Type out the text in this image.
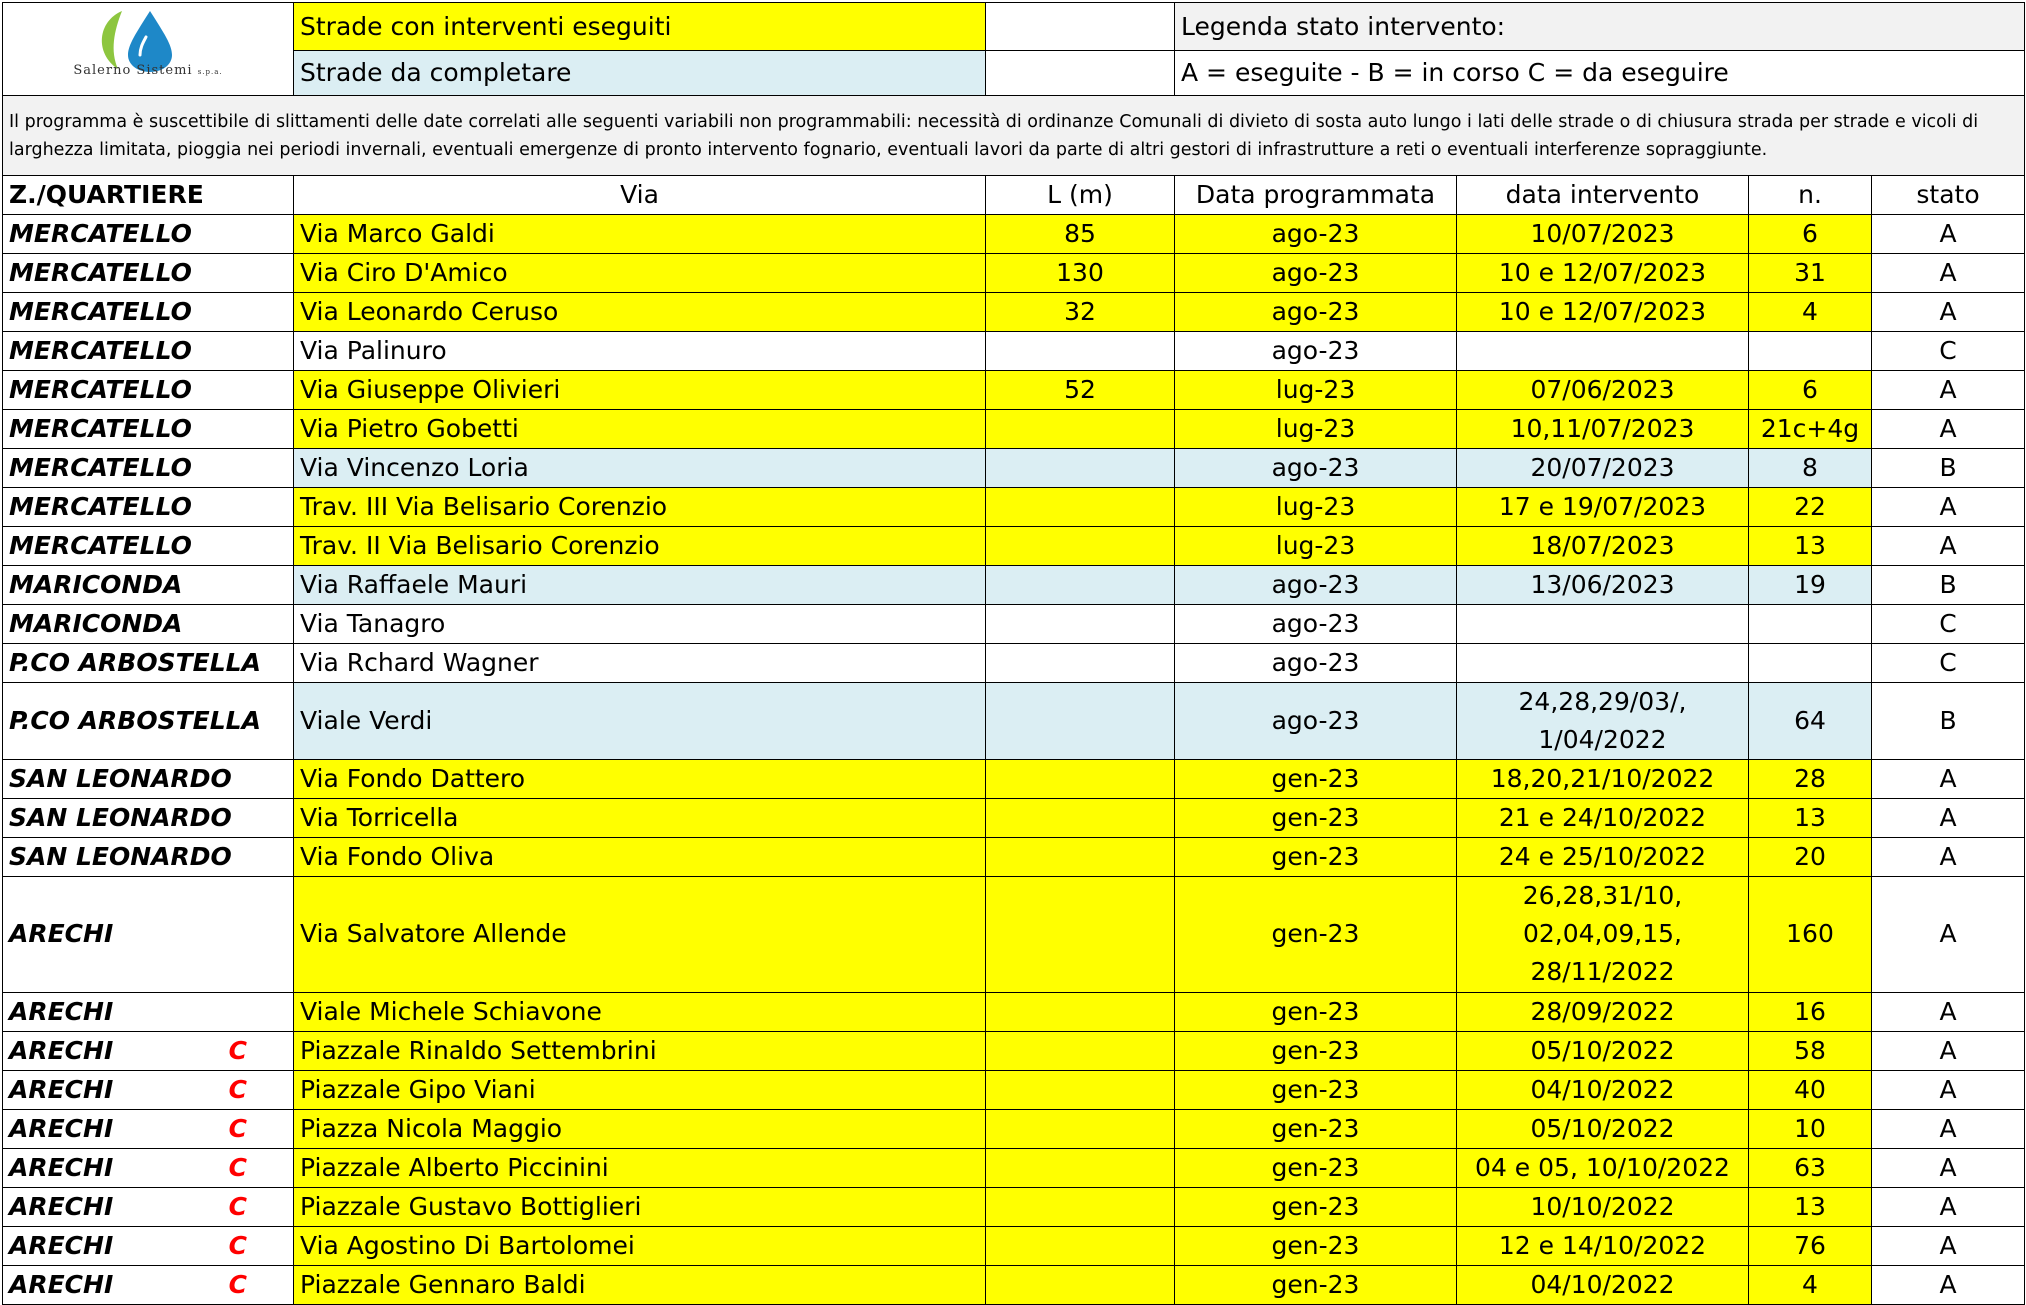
Salerno Sistemi s.p.a.	Strade con interventi eseguiti		Legenda stato intervento:			
	Strade da completare		A = eseguite - B = in corso C = da eseguire			
Il programma è suscettibile di slittamenti delle date correlati alle seguenti variabili non programmabili: necessità di ordinanze Comunali di divieto di sosta auto lungo i lati delle strade o di chiusura strada per strade e vicoli di larghezza limitata, pioggia nei periodi invernali, eventuali emergenze di pronto intervento fognario, eventuali lavori da parte di altri gestori di infrastrutture a reti o eventuali interferenze sopraggiunte.						
Z./QUARTIERE	Via	L (m)	Data programmata	data intervento	n.	stato

MERCATELLO	Via Marco Galdi	85	ago-23	10/07/2023	6	A

MERCATELLO	Via Ciro D'Amico	130	ago-23	10 e 12/07/2023	31	A

MERCATELLO	Via Leonardo Ceruso	32	ago-23	10 e 12/07/2023	4	A

MERCATELLO	Via Palinuro		ago-23			C

MERCATELLO	Via Giuseppe Olivieri	52	lug-23	07/06/2023	6	A

MERCATELLO	Via Pietro Gobetti		lug-23	10,11/07/2023	21c+4g	A

MERCATELLO	Via Vincenzo Loria		ago-23	20/07/2023	8	B

MERCATELLO	Trav. III Via Belisario Corenzio		lug-23	17 e 19/07/2023	22	A

MERCATELLO	Trav. II Via Belisario Corenzio		lug-23	18/07/2023	13	A

MARICONDA	Via Raffaele Mauri		ago-23	13/06/2023	19	B

MARICONDA	Via Tanagro		ago-23			C

P.CO ARBOSTELLA	Via Rchard Wagner		ago-23			C

P.CO ARBOSTELLA	Viale Verdi		ago-23	24,28,29/03/, 1/04/2022	64	B

SAN LEONARDO	Via Fondo Dattero		gen-23	18,20,21/10/2022	28	A

SAN LEONARDO	Via Torricella		gen-23	21 e 24/10/2022	13	A

SAN LEONARDO	Via Fondo Oliva		gen-23	24 e 25/10/2022	20	A

ARECHI	Via Salvatore Allende		gen-23	26,28,31/10, 02,04,09,15, 28/11/2022	160	A

ARECHI	Viale Michele Schiavone		gen-23	28/09/2022	16	A

ARECHI C	Piazzale Rinaldo Settembrini		gen-23	05/10/2022	58	A

ARECHI C	Piazzale Gipo Viani		gen-23	04/10/2022	40	A

ARECHI C	Piazza Nicola Maggio		gen-23	05/10/2022	10	A

ARECHI C	Piazzale Alberto Piccinini		gen-23	04 e 05, 10/10/2022	63	A

ARECHI C	Piazzale Gustavo Bottiglieri		gen-23	10/10/2022	13	A

ARECHI C	Via Agostino Di Bartolomei		gen-23	12 e 14/10/2022	76	A

ARECHI C	Piazzale Gennaro Baldi		gen-23	04/10/2022	4	A
